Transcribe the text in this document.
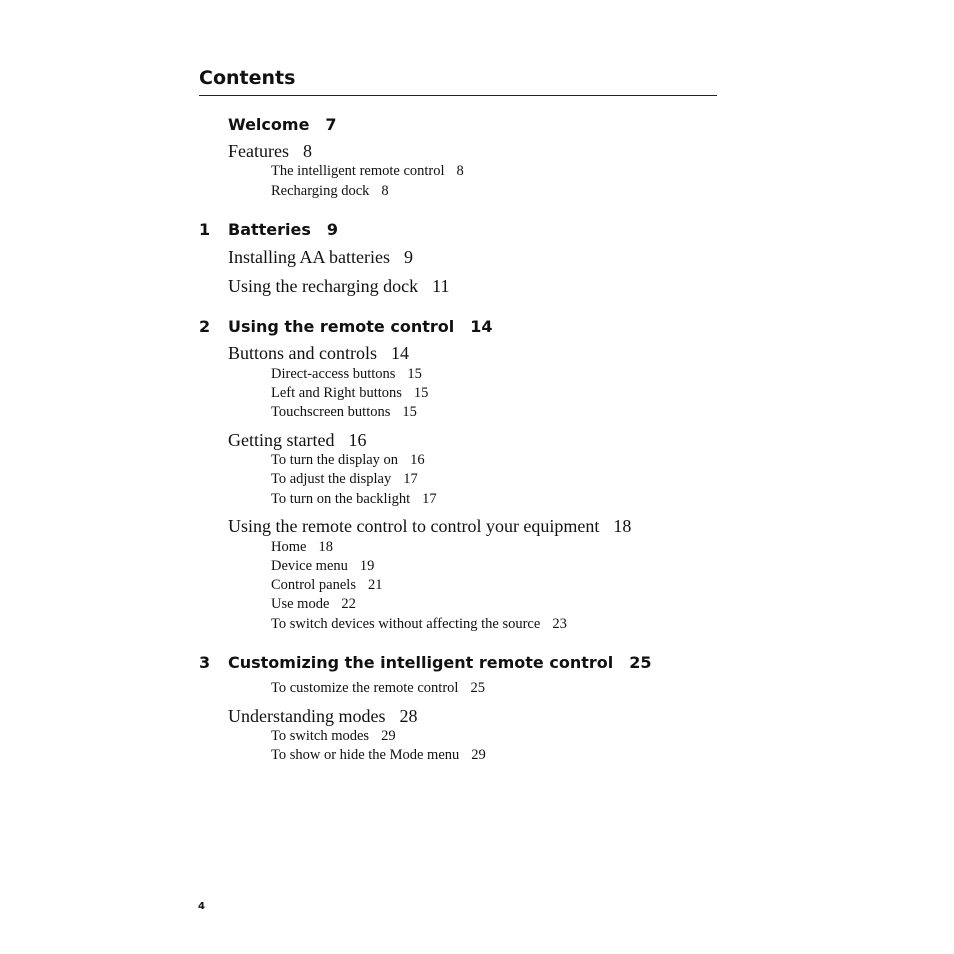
Contents
Welcome 7
Features 8
The intelligent remote control 8
Recharging dock 8
1 Batteries 9
Installing AA batteries 9
Using the recharging dock 11
2 Using the remote control 14
Buttons and controls 14
Direct-access buttons 15
Left and Right buttons 15
Touchscreen buttons 15
Getting started 16
To turn the display on 16
To adjust the display 17
To turn on the backlight 17
Using the remote control to control your equipment 18
Home 18
Device menu 19
Control panels 21
Use mode 22
To switch devices without affecting the source 23
3 Customizing the intelligent remote control 25
To customize the remote control 25
Understanding modes 28
To switch modes 29
To show or hide the Mode menu 29
4
